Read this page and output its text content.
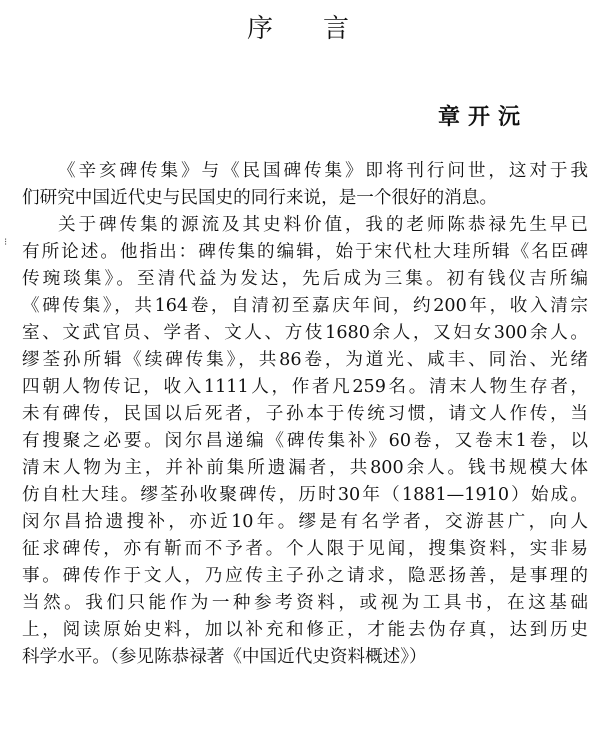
序 言
章开沅
⁝
《辛亥碑传集》与《民国碑传集》即将刊行问世，这对于我
们研究中国近代史与民国史的同行来说，是一个很好的消息。
关于碑传集的源流及其史料价值，我的老师陈恭禄先生早已
有所论述。他指出：碑传集的编辑，始于宋代杜大珪所辑《名臣碑
传琬琰集》。至清代益为发达，先后成为三集。初有钱仪吉所编
《碑传集》，共164卷，自清初至嘉庆年间，约200年，收入清宗
室、文武官员、学者、文人、方伎1680余人，又妇女300余人。
缪荃孙所辑《续碑传集》，共86卷，为道光、咸丰、同治、光绪
四朝人物传记，收入1111人，作者凡259名。清末人物生存者，
未有碑传，民国以后死者，子孙本于传统习惯，请文人作传，当
有搜聚之必要。闵尔昌递编《碑传集补》60卷，又卷末1卷，以
清末人物为主，并补前集所遗漏者，共800余人。钱书规模大体
仿自杜大珪。缪荃孙收聚碑传，历时30年（1881—1910）始成。
闵尔昌拾遗搜补，亦近10年。缪是有名学者，交游甚广，向人
征求碑传，亦有靳而不予者。个人限于见闻，搜集资料，实非易
事。碑传作于文人，乃应传主子孙之请求，隐恶扬善，是事理的
当然。我们只能作为一种参考资料，或视为工具书，在这基础
上，阅读原始史料，加以补充和修正，才能去伪存真，达到历史
科学水平。（参见陈恭禄著《中国近代史资料概述》）
